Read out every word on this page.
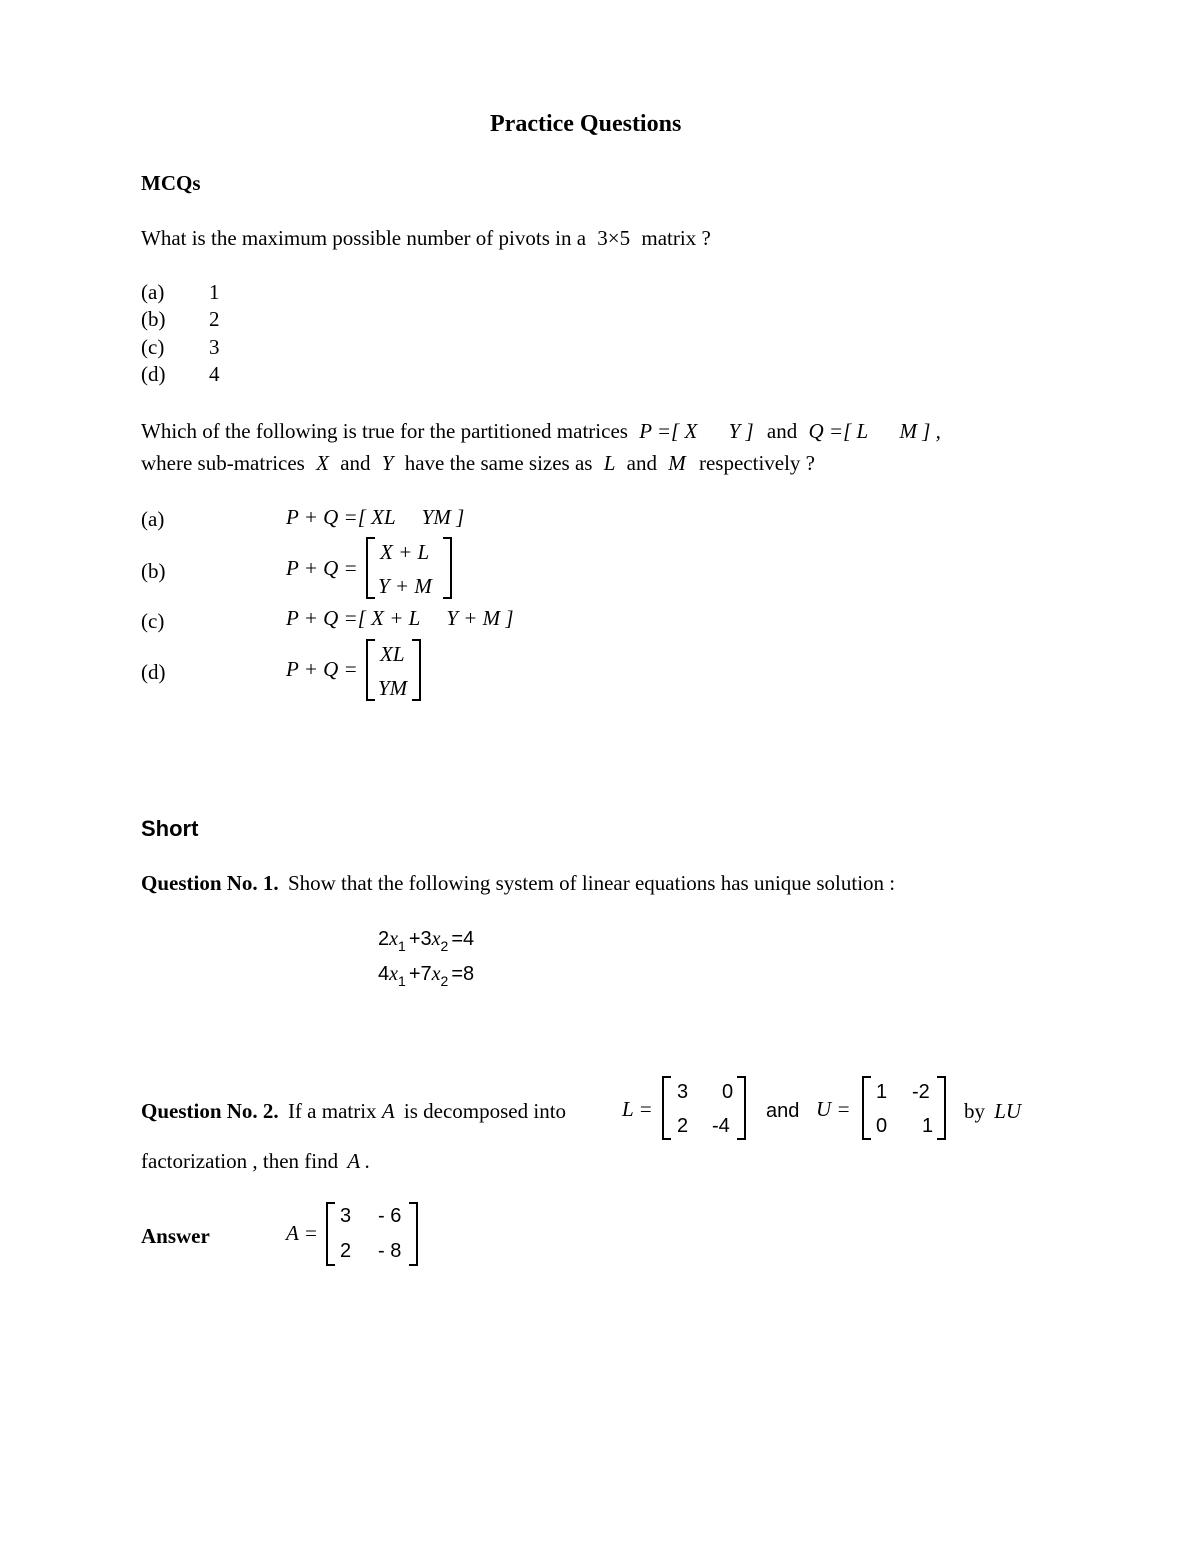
Practice Questions
MCQs
What is the maximum possible number of pivots in a 3×5 matrix ?
(a) 1
(b) 2
(c) 3
(d) 4
Which of the following is true for the partitioned matrices P =[ X Y ] and Q =[ L M ] ,
where sub-matrices X and Y have the same sizes as L and M respectively ?
(a)	P + Q =[ XL YM ]
(b)	P + Q =
X + L
Y + M
(c)	P + Q =[ X + L Y + M ]
(d)	P + Q =
XL
YM
Short
Question No. 1. Show that the following system of linear equations has unique solution :
$2x_1 +3x_2 =4$
$4x_1 +7x_2 =8$
Question No. 2. If a matrix A is decomposed into	L =
3 0
2 -4
and U =
1 -2
0 1
by LU
factorization , then find A .
Answer	A =
3 - 6
2 - 8
